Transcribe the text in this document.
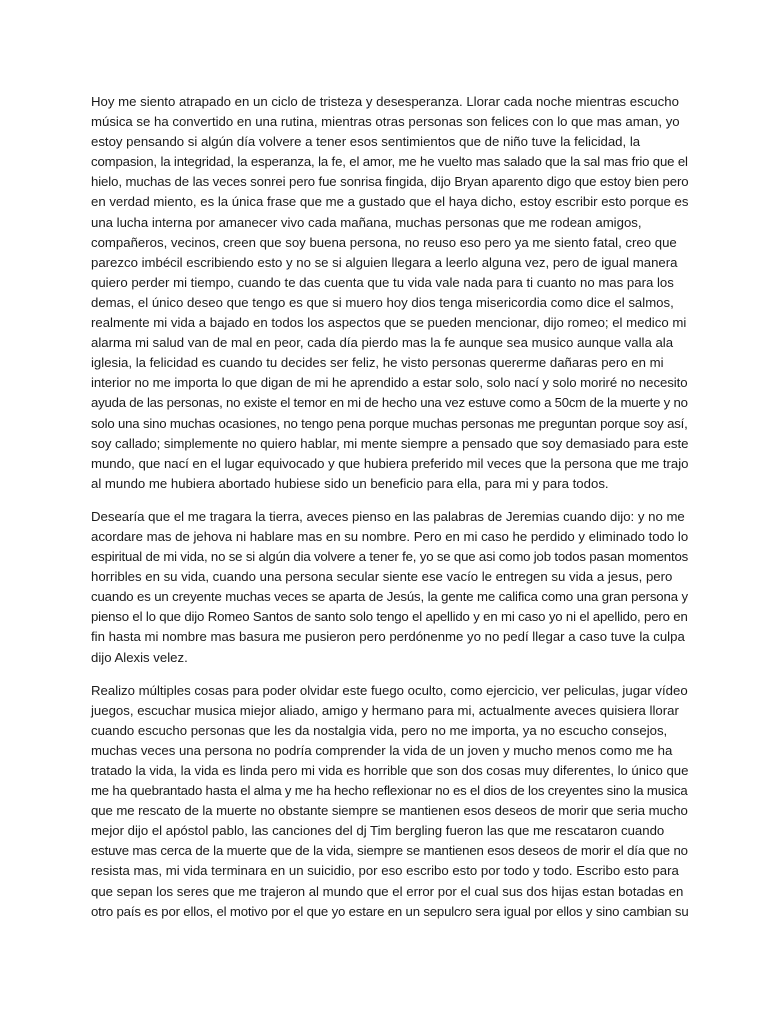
Hoy me siento atrapado en un ciclo de tristeza y desesperanza. Llorar cada noche mientras escucho
música se ha convertido en una rutina, mientras otras personas son felices con lo que mas aman, yo
estoy pensando si algún día volvere a tener esos sentimientos que de niño tuve la felicidad, la
compasion, la integridad, la esperanza, la fe, el amor, me he vuelto mas salado que la sal mas frio que el
hielo, muchas de las veces sonrei pero fue sonrisa fingida, dijo Bryan aparento digo que estoy bien pero
en verdad miento, es la única frase que me a gustado que el haya dicho, estoy escribir esto porque es
una lucha interna por amanecer vivo cada mañana, muchas personas que me rodean amigos,
compañeros, vecinos, creen que soy buena persona, no reuso eso pero ya me siento fatal, creo que
parezco imbécil escribiendo esto y no se si alguien llegara a leerlo alguna vez, pero de igual manera
quiero perder mi tiempo, cuando te das cuenta que tu vida vale nada para ti cuanto no mas para los
demas, el único deseo que tengo es que si muero hoy dios tenga misericordia como dice el salmos,
realmente mi vida a bajado en todos los aspectos que se pueden mencionar, dijo romeo; el medico mi
alarma mi salud van de mal en peor, cada día pierdo mas la fe aunque sea musico aunque valla ala
iglesia, la felicidad es cuando tu decides ser feliz, he visto personas quererme dañaras pero en mi
interior no me importa lo que digan de mi he aprendido a estar solo, solo nací y solo moriré no necesito
ayuda de las personas, no existe el temor en mi de hecho una vez estuve como a 50cm de la muerte y no
solo una sino muchas ocasiones, no tengo pena porque muchas personas me preguntan porque soy así,
soy callado; simplemente no quiero hablar, mi mente siempre a pensado que soy demasiado para este
mundo, que nací en el lugar equivocado y que hubiera preferido mil veces que la persona que me trajo
al mundo me hubiera abortado hubiese sido un beneficio para ella, para mi y para todos.

Desearía que el me tragara la tierra, aveces pienso en las palabras de Jeremias cuando dijo: y no me
acordare mas de jehova ni hablare mas en su nombre. Pero en mi caso he perdido y eliminado todo lo
espiritual de mi vida, no se si algún dia volvere a tener fe, yo se que asi como job todos pasan momentos
horribles en su vida, cuando una persona secular siente ese vacío le entregen su vida a jesus, pero
cuando es un creyente muchas veces se aparta de Jesús, la gente me califica como una gran persona y
pienso el lo que dijo Romeo Santos de santo solo tengo el apellido y en mi caso yo ni el apellido, pero en
fin hasta mi nombre mas basura me pusieron pero perdónenme yo no pedí llegar a caso tuve la culpa
dijo Alexis velez.

Realizo múltiples cosas para poder olvidar este fuego oculto, como ejercicio, ver peliculas, jugar vídeo
juegos, escuchar musica miejor aliado, amigo y hermano para mi, actualmente aveces quisiera llorar
cuando escucho personas que les da nostalgia vida, pero no me importa, ya no escucho consejos,
muchas veces una persona no podría comprender la vida de un joven y mucho menos como me ha
tratado la vida, la vida es linda pero mi vida es horrible que son dos cosas muy diferentes, lo único que
me ha quebrantado hasta el alma y me ha hecho reflexionar no es el dios de los creyentes sino la musica
que me rescato de la muerte no obstante siempre se mantienen esos deseos de morir que seria mucho
mejor dijo el apóstol pablo, las canciones del dj Tim bergling fueron las que me rescataron cuando
estuve mas cerca de la muerte que de la vida, siempre se mantienen esos deseos de morir el día que no
resista mas, mi vida terminara en un suicidio, por eso escribo esto por todo y todo. Escribo esto para
que sepan los seres que me trajeron al mundo que el error por el cual sus dos hijas estan botadas en
otro país es por ellos, el motivo por el que yo estare en un sepulcro sera igual por ellos y sino cambian su
